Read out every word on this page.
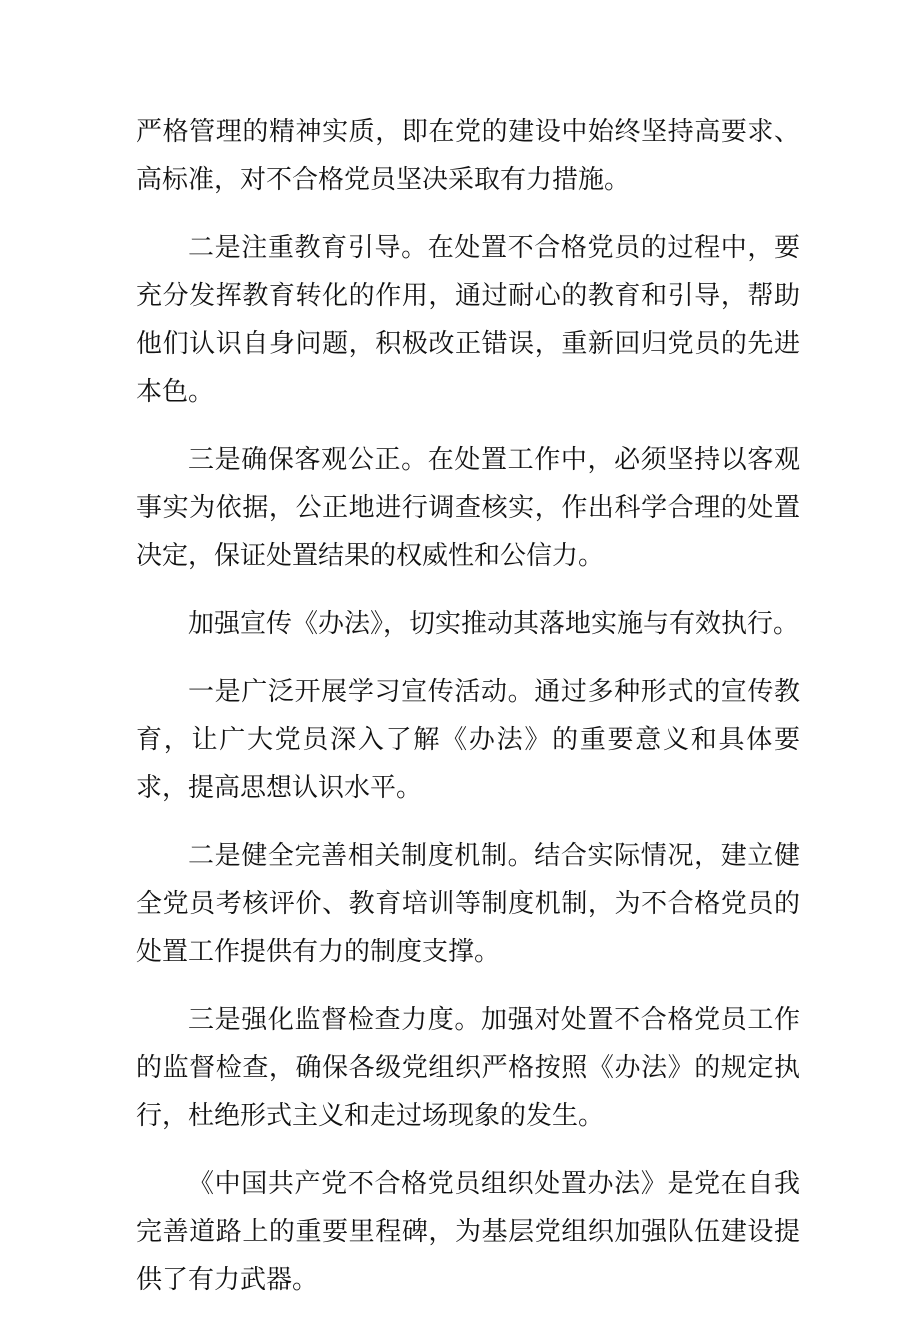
严格管理的精神实质，即在党的建设中始终坚持高要求、高标准，对不合格党员坚决采取有力措施。

二是注重教育引导。在处置不合格党员的过程中，要充分发挥教育转化的作用，通过耐心的教育和引导，帮助他们认识自身问题，积极改正错误，重新回归党员的先进本色。

三是确保客观公正。在处置工作中，必须坚持以客观事实为依据，公正地进行调查核实，作出科学合理的处置决定，保证处置结果的权威性和公信力。

加强宣传《办法》，切实推动其落地实施与有效执行。

一是广泛开展学习宣传活动。通过多种形式的宣传教育，让广大党员深入了解《办法》的重要意义和具体要求，提高思想认识水平。

二是健全完善相关制度机制。结合实际情况，建立健全党员考核评价、教育培训等制度机制，为不合格党员的处置工作提供有力的制度支撑。

三是强化监督检查力度。加强对处置不合格党员工作的监督检查，确保各级党组织严格按照《办法》的规定执行，杜绝形式主义和走过场现象的发生。

《中国共产党不合格党员组织处置办法》是党在自我完善道路上的重要里程碑，为基层党组织加强队伍建设提供了有力武器。
